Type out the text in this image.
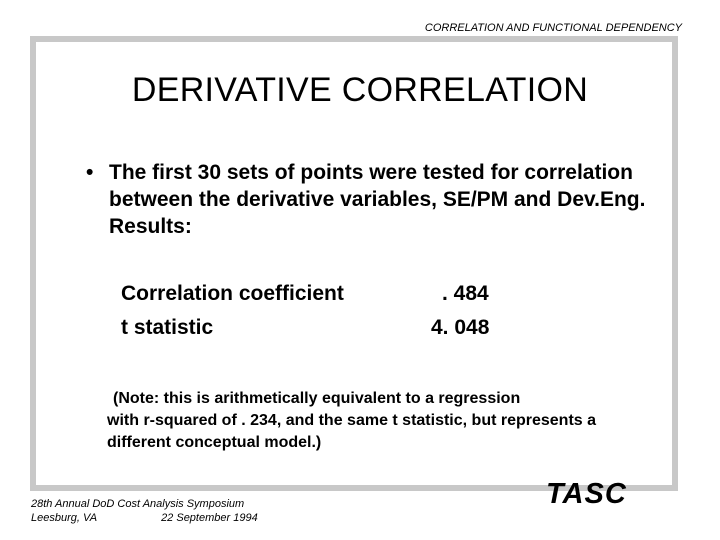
CORRELATION AND FUNCTIONAL DEPENDENCY
DERIVATIVE CORRELATION
• The first 30 sets of points were tested for correlation between the derivative variables, SE/PM and Dev.Eng. Results:
Correlation coefficient	. 484
t statistic	4. 048
(Note: this is arithmetically equivalent to a regression
with r-squared of . 234, and the same t statistic, but represents a different conceptual model.)
28th Annual DoD Cost Analysis Symposium
Leesburg, VA	22 September 1994
TASC
